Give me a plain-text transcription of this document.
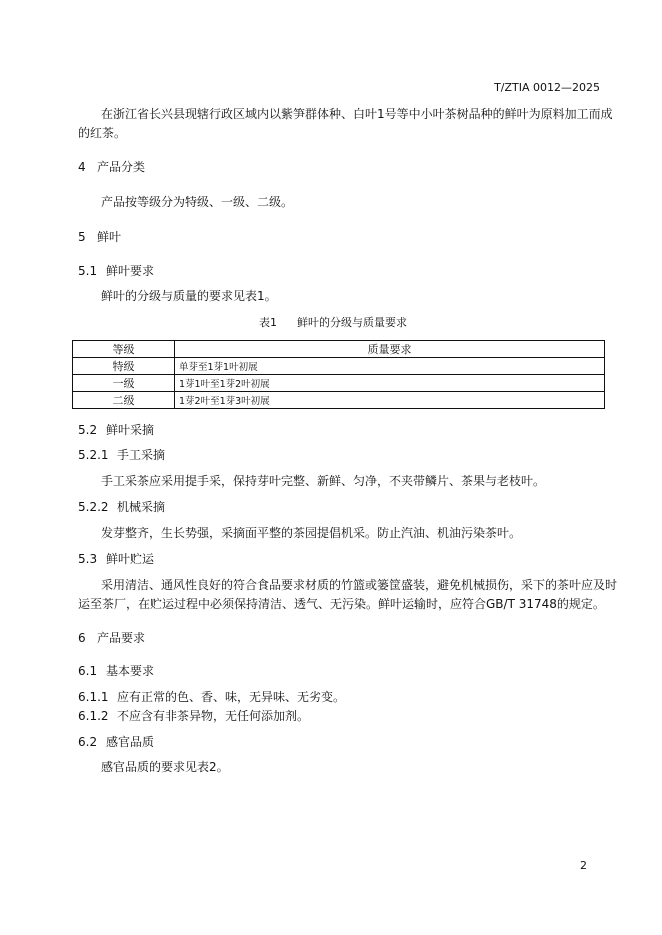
T/ZTIA 0012—2025
在浙江省长兴县现辖行政区域内以紫笋群体种、白叶1号等中小叶茶树品种的鲜叶为原料加工而成
的红茶。
4 产品分类
产品按等级分为特级、一级、二级。
5 鲜叶
5.1 鲜叶要求
鲜叶的分级与质量的要求见表1。
表1 鲜叶的分级与质量要求
等级	质量要求
特级	单芽至1芽1叶初展
一级	1芽1叶至1芽2叶初展
二级	1芽2叶至1芽3叶初展
5.2 鲜叶采摘
5.2.1 手工采摘
手工采茶应采用提手采，保持芽叶完整、新鲜、匀净，不夹带鳞片、茶果与老枝叶。
5.2.2 机械采摘
发芽整齐，生长势强，采摘面平整的茶园提倡机采。防止汽油、机油污染茶叶。
5.3 鲜叶贮运
采用清洁、通风性良好的符合食品要求材质的竹篮或篓筐盛装，避免机械损伤，采下的茶叶应及时
运至茶厂，在贮运过程中必须保持清洁、透气、无污染。鲜叶运输时，应符合GB/T 31748的规定。
6 产品要求
6.1 基本要求
6.1.1 应有正常的色、香、味，无异味、无劣变。
6.1.2 不应含有非茶异物，无任何添加剂。
6.2 感官品质
感官品质的要求见表2。
2
